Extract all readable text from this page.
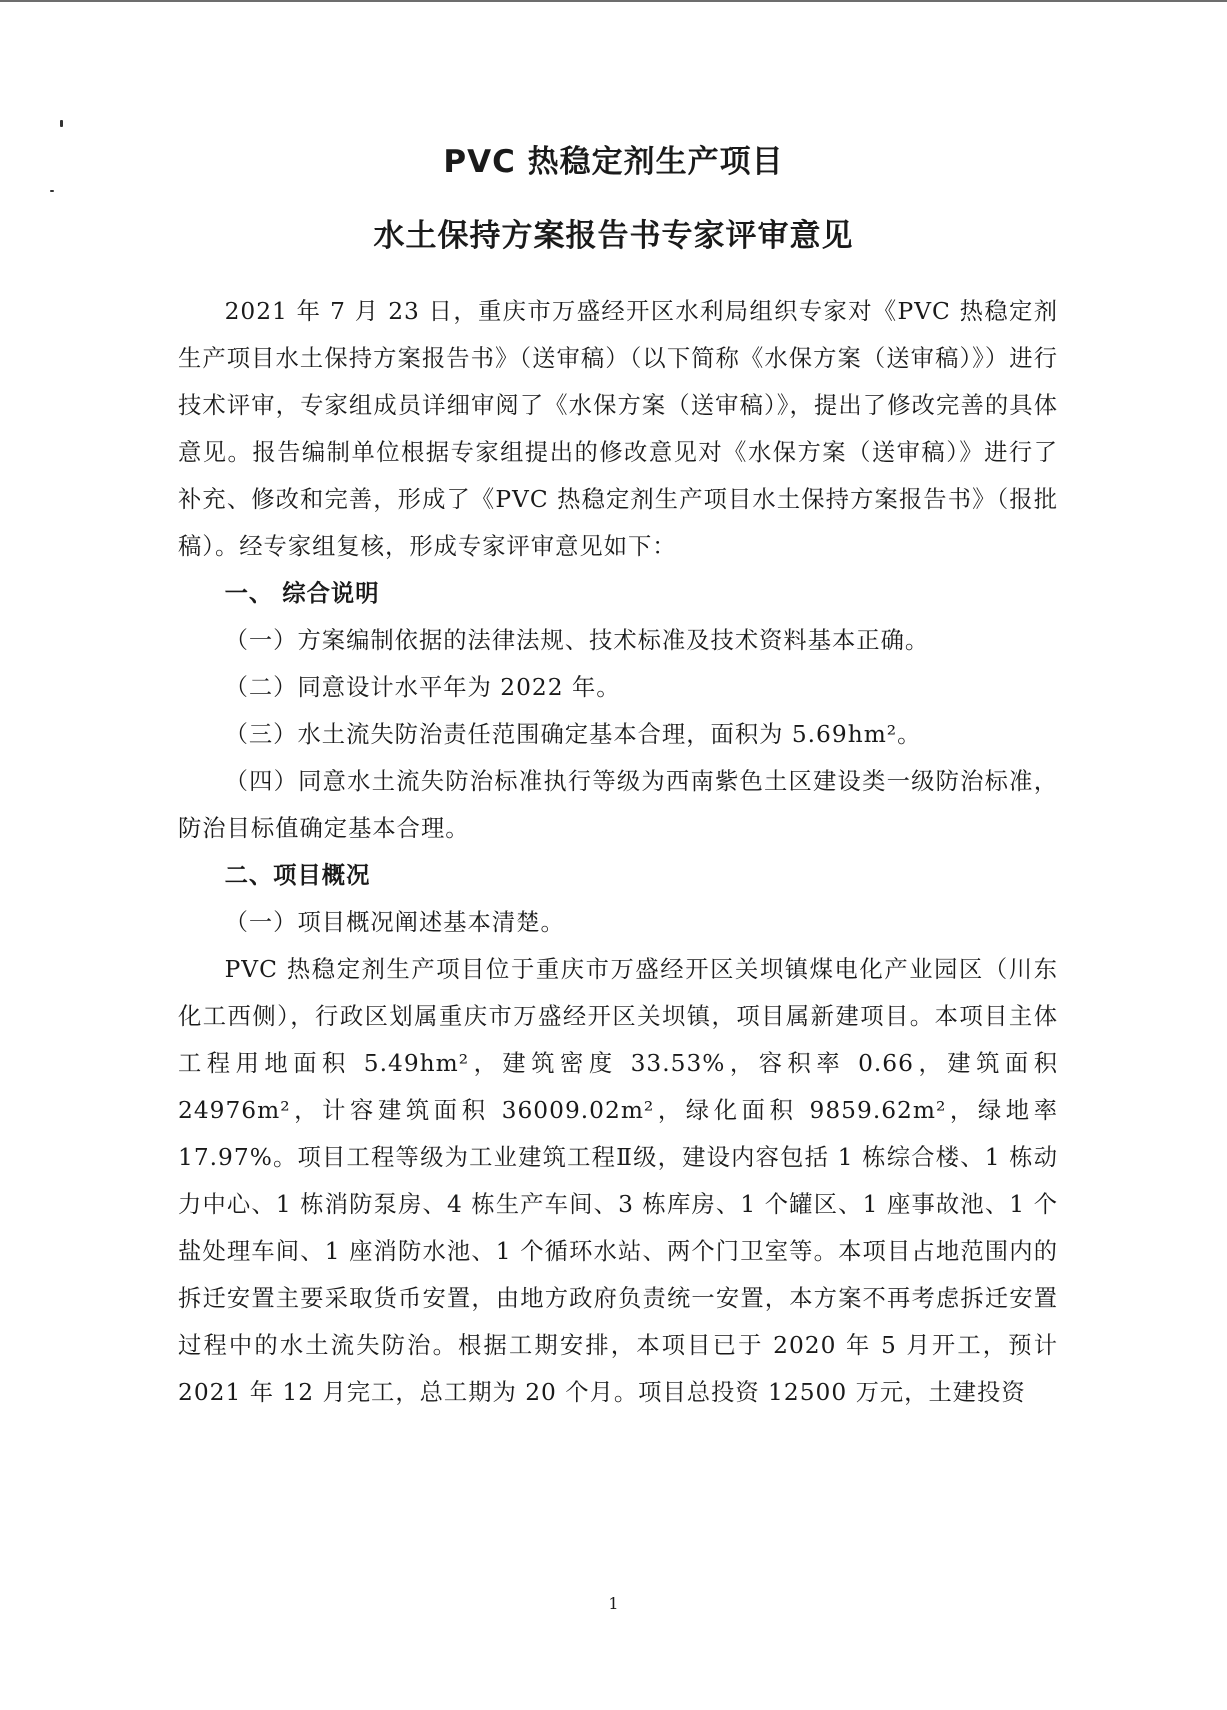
PVC 热稳定剂生产项目
水土保持方案报告书专家评审意见

2021 年 7 月 23 日，重庆市万盛经开区水利局组织专家对《PVC 热稳定剂生产项目水土保持方案报告书》（送审稿）（以下简称《水保方案（送审稿）》）进行技术评审，专家组成员详细审阅了《水保方案（送审稿）》，提出了修改完善的具体意见。报告编制单位根据专家组提出的修改意见对《水保方案（送审稿）》进行了补充、修改和完善，形成了《PVC 热稳定剂生产项目水土保持方案报告书》（报批稿）。经专家组复核，形成专家评审意见如下：

一、 综合说明

（一）方案编制依据的法律法规、技术标准及技术资料基本正确。

（二）同意设计水平年为 2022 年。

（三）水土流失防治责任范围确定基本合理，面积为 5.69hm²。

（四）同意水土流失防治标准执行等级为西南紫色土区建设类一级防治标准，防治目标值确定基本合理。

二、项目概况

（一）项目概况阐述基本清楚。

PVC 热稳定剂生产项目位于重庆市万盛经开区关坝镇煤电化产业园区（川东化工西侧），行政区划属重庆市万盛经开区关坝镇，项目属新建项目。本项目主体工程用地面积 5.49hm²，建筑密度 33.53%，容积率 0.66，建筑面积 24976m²，计容建筑面积 36009.02m²，绿化面积 9859.62m²，绿地率 17.97%。项目工程等级为工业建筑工程Ⅱ级，建设内容包括 1 栋综合楼、1 栋动力中心、1 栋消防泵房、4 栋生产车间、3 栋库房、1 个罐区、1 座事故池、1 个盐处理车间、1 座消防水池、1 个循环水站、两个门卫室等。本项目占地范围内的拆迁安置主要采取货币安置，由地方政府负责统一安置，本方案不再考虑拆迁安置过程中的水土流失防治。根据工期安排，本项目已于 2020 年 5 月开工，预计 2021 年 12 月完工，总工期为 20 个月。项目总投资 12500 万元，土建投资

1
